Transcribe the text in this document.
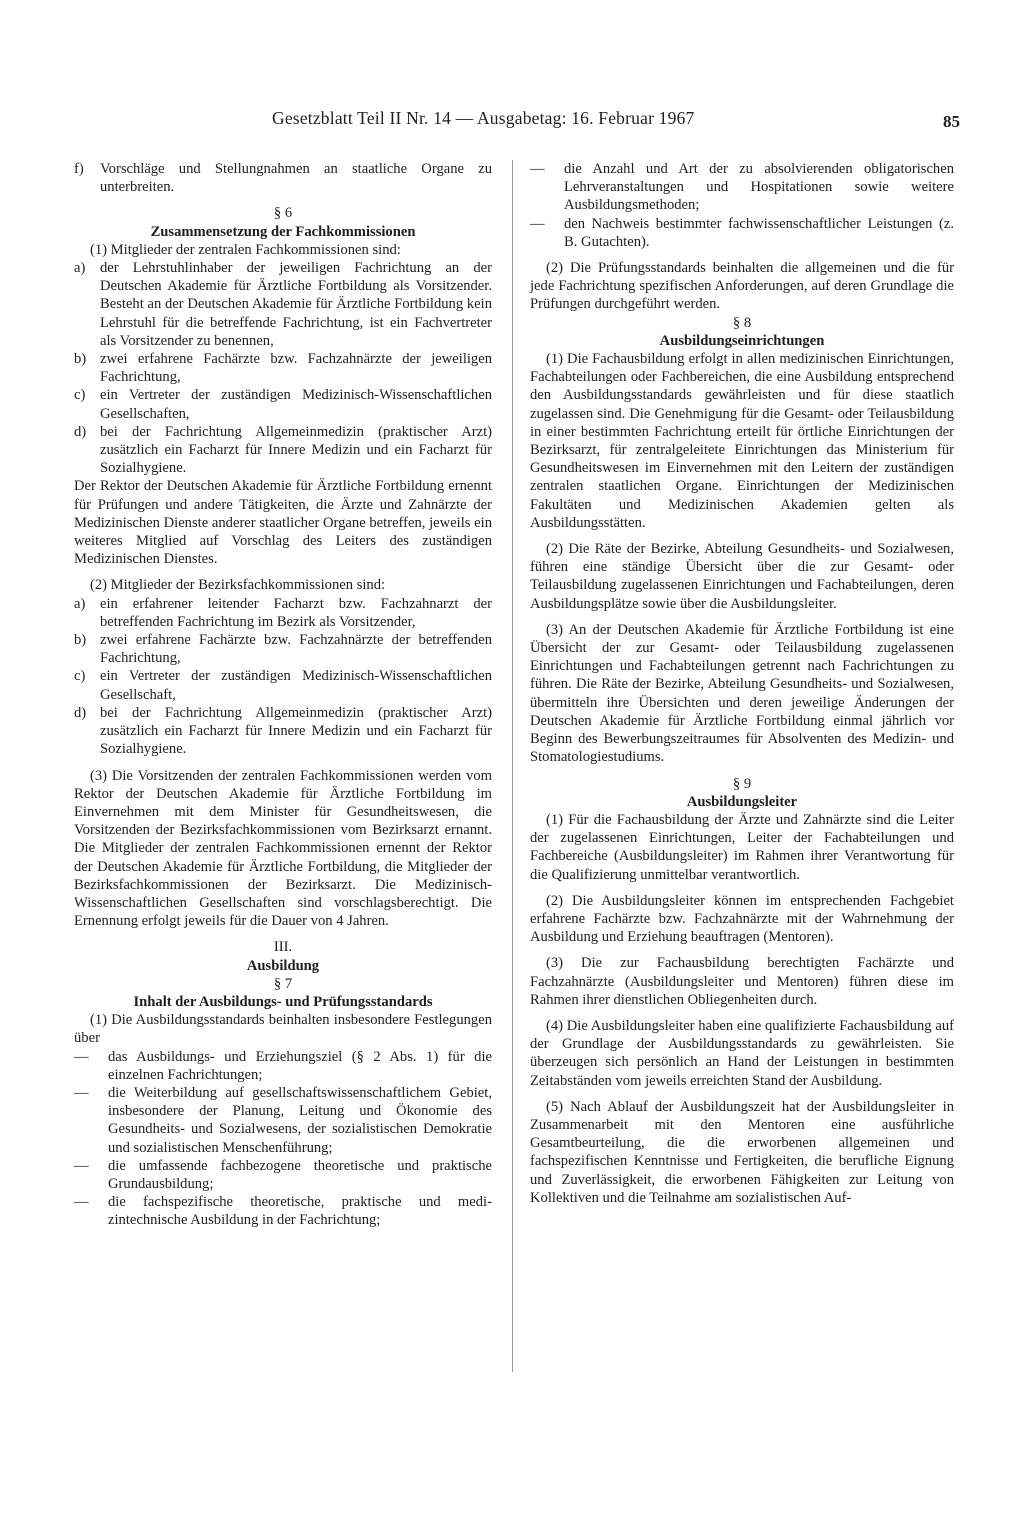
Gesetzblatt Teil II Nr. 14 — Ausgabetag: 16. Februar 1967	85
f)	Vorschläge und Stellungnahmen an staatliche Organe zu unterbreiten.

§ 6

Zusammensetzung der Fachkommissionen

(1) Mitglieder der zentralen Fachkommissionen sind:

a)	der Lehrstuhlinhaber der jeweiligen Fachrichtung an der Deutschen Akademie für Ärztliche Fortbildung als Vorsitzender. Besteht an der Deutschen Akademie für Ärztliche Fortbildung kein Lehrstuhl für die betreffende Fachrichtung, ist ein Fachvertreter als Vorsitzender zu benennen,
b) zwei erfahrene Fachärzte bzw. Fachzahnärzte der jeweiligen Fachrichtung,
c)	ein Vertreter der zuständigen Medizinisch-Wissenschaftlichen Gesellschaften,
d) bei der Fachrichtung Allgemeinmedizin (praktischer Arzt) zusätzlich ein Facharzt für Innere Medizin und ein Facharzt für Sozialhygiene.

Der Rektor der Deutschen Akademie für Ärztliche Fortbildung ernennt für Prüfungen und andere Tätigkeiten, die Ärzte und Zahnärzte der Medizinischen Dienste anderer staatlicher Organe betreffen, jeweils ein weiteres Mitglied auf Vorschlag des Leiters des zuständigen Medizinischen Dienstes.

(2) Mitglieder der Bezirksfachkommissionen sind:

a)	ein erfahrener leitender Facharzt bzw. Fachzahnarzt der betreffenden Fachrichtung im Bezirk als Vorsitzender,
b) zwei erfahrene Fachärzte bzw. Fachzahnärzte der betreffenden Fachrichtung,
c)	ein Vertreter der zuständigen Medizinisch-Wissenschaftlichen Gesellschaft,
d) bei der Fachrichtung Allgemeinmedizin (praktischer Arzt) zusätzlich ein Facharzt für Innere Medizin und ein Facharzt für Sozialhygiene.

(3) Die Vorsitzenden der zentralen Fachkommissionen werden vom Rektor der Deutschen Akademie für Ärztliche Fortbildung im Einvernehmen mit dem Minister für Gesundheitswesen, die Vorsitzenden der Bezirksfachkommissionen vom Bezirksarzt ernannt. Die Mitglieder der zentralen Fachkommissionen ernennt der Rektor der Deutschen Akademie für Ärztliche Fortbildung, die Mitglieder der Bezirksfachkommissionen der Bezirksarzt. Die Medizinisch-Wissenschaftlichen Gesellschaften sind vorschlagsberechtigt. Die Ernennung erfolgt jeweils für die Dauer von 4 Jahren.

III.

Ausbildung

§ 7

Inhalt der Ausbildungs- und Prüfungsstandards

(1) Die Ausbildungsstandards beinhalten insbesondere Festlegungen über

—	das Ausbildungs- und Erziehungsziel (§ 2 Abs. 1) für die einzelnen Fachrichtungen;
—	die Weiterbildung auf gesellschaftswissenschaftlichem Gebiet, insbesondere der Planung, Leitung und Ökonomie des Gesundheits- und Sozialwesens, der sozialistischen Demokratie und sozialistischen Menschenführung;
—	die umfassende fachbezogene theoretische und praktische Grundausbildung;
—	die fachspezifische theoretische, praktische und medizintechnische Ausbildung in der Fachrichtung;
—	die Anzahl und Art der zu absolvierenden obligatorischen Lehrveranstaltungen und Hospitationen sowie weitere Ausbildungsmethoden;
—	den Nachweis bestimmter fachwissenschaftlicher Leistungen (z. B. Gutachten).

(2) Die Prüfungsstandards beinhalten die allgemeinen und die für jede Fachrichtung spezifischen Anforderungen, auf deren Grundlage die Prüfungen durchgeführt werden.

§ 8

Ausbildungseinrichtungen

(1) Die Fachausbildung erfolgt in allen medizinischen Einrichtungen, Fachabteilungen oder Fachbereichen, die eine Ausbildung entsprechend den Ausbildungsstandards gewährleisten und für diese staatlich zugelassen sind. Die Genehmigung für die Gesamt- oder Teilausbildung in einer bestimmten Fachrichtung erteilt für örtliche Einrichtungen der Bezirksarzt, für zentralgeleitete Einrichtungen das Ministerium für Gesundheitswesen im Einvernehmen mit den Leitern der zuständigen zentralen staatlichen Organe. Einrichtungen der Medizinischen Fakultäten und Medizinischen Akademien gelten als Ausbildungsstätten.

(2) Die Räte der Bezirke, Abteilung Gesundheits- und Sozialwesen, führen eine ständige Übersicht über die zur Gesamt- oder Teilausbildung zugelassenen Einrichtungen und Fachabteilungen, deren Ausbildungsplätze sowie über die Ausbildungsleiter.

(3) An der Deutschen Akademie für Ärztliche Fortbildung ist eine Übersicht der zur Gesamt- oder Teilausbildung zugelassenen Einrichtungen und Fachabteilungen getrennt nach Fachrichtungen zu führen. Die Räte der Bezirke, Abteilung Gesundheits- und Sozialwesen, übermitteln ihre Übersichten und deren jeweilige Änderungen der Deutschen Akademie für Ärztliche Fortbildung einmal jährlich vor Beginn des Bewerbungszeitraumes für Absolventen des Medizin- und Stomatologiestudiums.

§ 9

Ausbildungsleiter

(1) Für die Fachausbildung der Ärzte und Zahnärzte sind die Leiter der zugelassenen Einrichtungen, Leiter der Fachabteilungen und Fachbereiche (Ausbildungsleiter) im Rahmen ihrer Verantwortung für die Qualifizierung unmittelbar verantwortlich.

(2) Die Ausbildungsleiter können im entsprechenden Fachgebiet erfahrene Fachärzte bzw. Fachzahnärzte mit der Wahrnehmung der Ausbildung und Erziehung beauftragen (Mentoren).

(3) Die zur Fachausbildung berechtigten Fachärzte und Fachzahnärzte (Ausbildungsleiter und Mentoren) führen diese im Rahmen ihrer dienstlichen Obliegenheiten durch.

(4) Die Ausbildungsleiter haben eine qualifizierte Fachausbildung auf der Grundlage der Ausbildungsstandards zu gewährleisten. Sie überzeugen sich persönlich an Hand der Leistungen in bestimmten Zeitabständen vom jeweils erreichten Stand der Ausbildung.

(5) Nach Ablauf der Ausbildungszeit hat der Ausbildungsleiter in Zusammenarbeit mit den Mentoren eine ausführliche Gesamtbeurteilung, die die erworbenen allgemeinen und fachspezifischen Kenntnisse und Fertigkeiten, die berufliche Eignung und Zuverlässigkeit, die erworbenen Fähigkeiten zur Leitung von Kollektiven und die Teilnahme am sozialistischen Auf-
